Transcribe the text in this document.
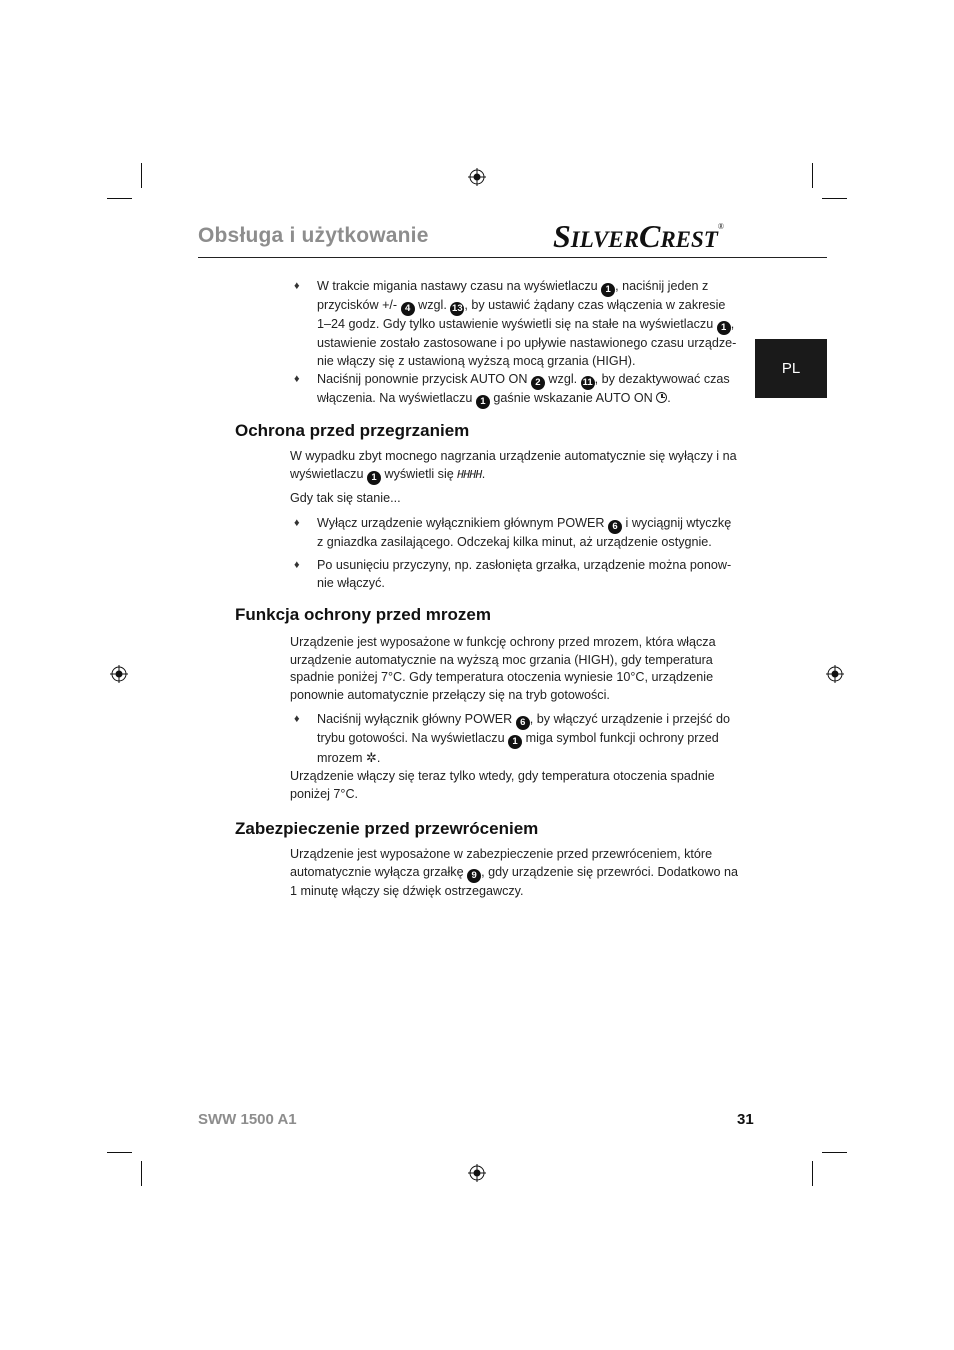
Obsługa i użytkowanie	SILVERCREST®
PL
♦ W trakcie migania nastawy czasu na wyświetlaczu 1 , naciśnij jeden z przycisków +/- 4 wzgl. 13 , by ustawić żądany czas włączenia w zakresie 1–24 godz. Gdy tylko ustawienie wyświetli się na stałe na wyświetlaczu 1 , ustawienie zostało zastosowane i po upływie nastawionego czasu urządze-nie włączy się z ustawioną wyższą mocą grzania (HIGH).
♦ Naciśnij ponownie przycisk AUTO ON 2 wzgl. 11 , by dezaktywować czas włączenia. Na wyświetlaczu 1 gaśnie wskazanie AUTO ON .
Ochrona przed przegrzaniem
W wypadku zbyt mocnego nagrzania urządzenie automatycznie się wyłączy i na wyświetlaczu 1 wyświetli się HHHH.
Gdy tak się stanie...
♦ Wyłącz urządzenie wyłącznikiem głównym POWER 6 i wyciągnij wtyczkę z gniazdka zasilającego. Odczekaj kilka minut, aż urządzenie ostygnie.
♦ Po usunięciu przyczyny, np. zasłonięta grzałka, urządzenie można ponow-nie włączyć.
Funkcja ochrony przed mrozem
Urządzenie jest wyposażone w funkcję ochrony przed mrozem, która włącza urządzenie automatycznie na wyższą moc grzania (HIGH), gdy temperatura spadnie poniżej 7°C. Gdy temperatura otoczenia wyniesie 10°C, urządzenie ponownie automatycznie przełączy się na tryb gotowości.
♦ Naciśnij wyłącznik główny POWER 6 , by włączyć urządzenie i przejść do trybu gotowości. Na wyświetlaczu 1 miga symbol funkcji ochrony przed mrozem ✲.
Urządzenie włączy się teraz tylko wtedy, gdy temperatura otoczenia spadnie poniżej 7°C.
Zabezpieczenie przed przewróceniem
Urządzenie jest wyposażone w zabezpieczenie przed przewróceniem, które automatycznie wyłącza grzałkę 9 , gdy urządzenie się przewróci. Dodatkowo na 1 minutę włączy się dźwięk ostrzegawczy.
SWW 1500 A1	31
